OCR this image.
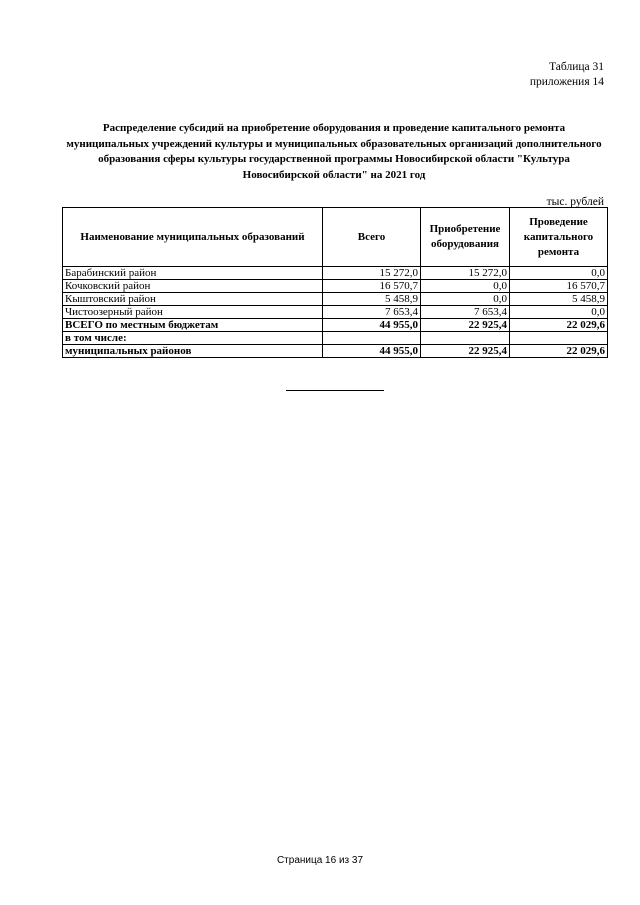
Таблица 31
приложения 14
Распределение субсидий на приобретение оборудования и проведение капитального ремонта муниципальных учреждений культуры и муниципальных образовательных организаций дополнительного образования сферы культуры государственной программы Новосибирской области "Культура Новосибирской области" на 2021 год
тыс. рублей
Наименование муниципальных образований	Всего	Приобретение оборудования	Проведение капитального ремонта
Барабинский район	15 272,0	15 272,0	0,0
Кочковский район	16 570,7	0,0	16 570,7
Кыштовский район	5 458,9	0,0	5 458,9
Чистоозерный район	7 653,4	7 653,4	0,0
ВСЕГО по местным бюджетам	44 955,0	22 925,4	22 029,6
в том числе:			
муниципальных районов	44 955,0	22 925,4	22 029,6
Страница 16 из 37
